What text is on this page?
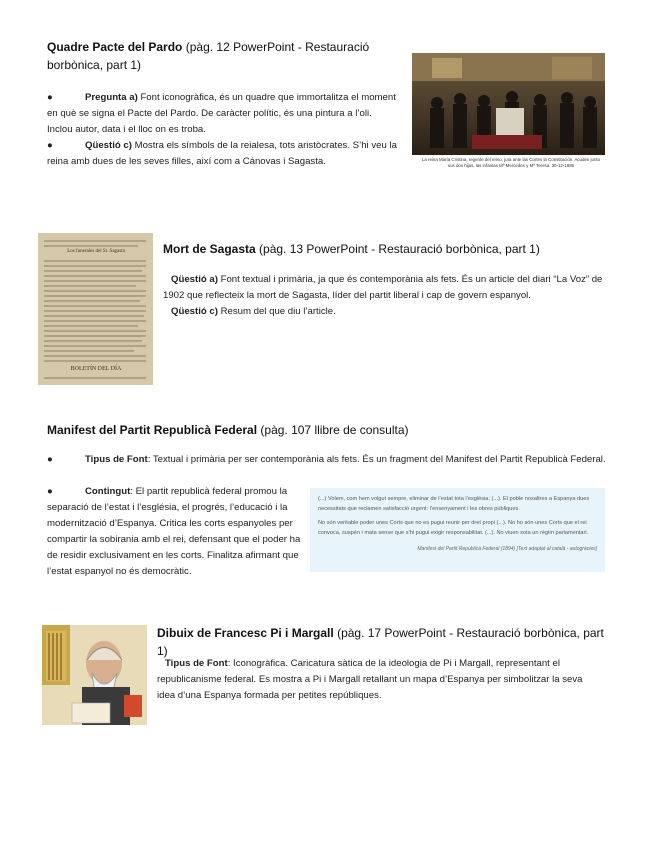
Quadre Pacte del Pardo (pàg. 12 PowerPoint - Restauració borbònica, part 1)
●	Pregunta a) Font iconogràfica, és un quadre que immortalitza el moment en què se signa el Pacte del Pardo. De caràcter polític, és una pintura a l’oli. Inclou autor, data i el lloc on es troba.
●	Qüestió c) Mostra els símbols de la reialesa, tots aristòcrates. S’hi veu la reina amb dues de les seves filles, així com a Cánovas i Sagasta.	La reina María Cristina, regente del reino, jura ante las Cortes la Constitución. Acuden junto sus dos hijas, las infantas Mª Mercedes y Mª Teresa. 30-12-1885
Los funerales del Sr. Sagasta
BOLETÍN DEL DÍA
Mort de Sagasta (pàg. 13 PowerPoint - Restauració borbònica, part 1)
Qüestió a) Font textual i primària, ja que és contemporània als fets. És un article del diari “La Voz” de 1902 que reflecteix la mort de Sagasta, líder del partit liberal i cap de govern espanyol.
Qüestió c) Resum del que diu l’article.
Manifest del Partit Republicà Federal (pàg. 107 llibre de consulta)
●	Tipus de Font: Textual i primària per ser contemporània als fets. És un fragment del Manifest del Partit Republicà Federal.
●	Contingut: El partit republicà federal promou la separació de l’estat i l’església, el progrés, l’educació i la modernització d’Espanya. Critica les corts espanyoles per compartir la sobirania amb el rei, defensant que el poder ha de residir exclusivament en les corts. Finalitza afirmant que l’estat espanyol no és democràtic.

(...) Volem, com hem volgut sempre, eliminar de l’estat tota l’església; (...). El poble nosaltres a Espanya dues necessitats que reclamen satisfacció urgent: l’ensenyament i les obres públiques.

No són veritable poder unes Corts que no es pugui reunir per dret propi (...). No ho són unes Corts que el rei convoca, suspèn i mata sense que s’hi pugui exigir responsabilitat. (...). No viuen sota un règim parlamentari.

Manifest del Partit Republicà Federal (1894) [Text adaptat al català - autogràcies]
Dibuix de Francesc Pi i Margall (pàg. 17 PowerPoint - Restauració borbònica, part 1)
Tipus de Font: Iconogràfica. Caricatura sàtica de la ideologia de Pi i Margall, representant el republicanisme federal. Es mostra a Pi i Margall retallant un mapa d’Espanya per simbolitzar la seva idea d’una Espanya formada per petites repúbliques.
